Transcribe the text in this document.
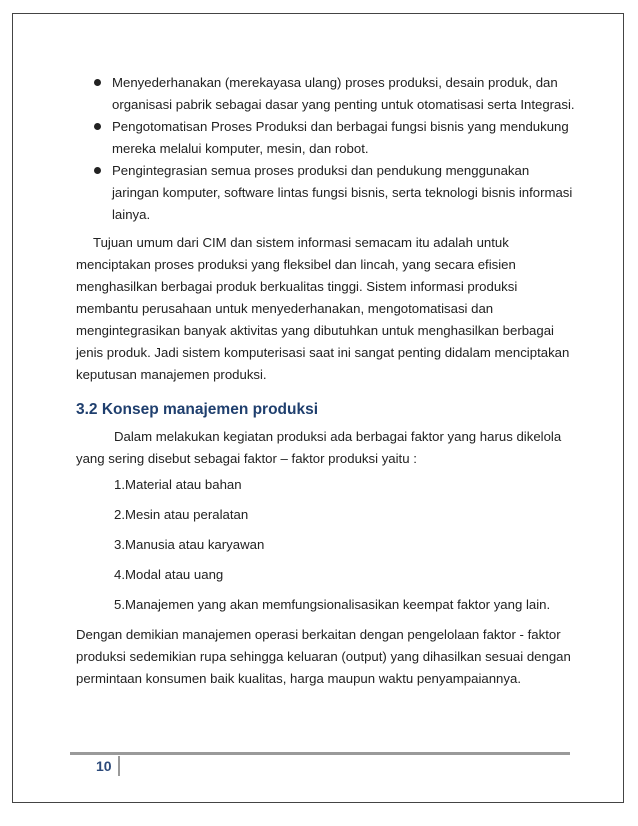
Menyederhanakan (merekayasa ulang) proses produksi, desain produk, dan organisasi pabrik sebagai dasar yang penting untuk otomatisasi serta Integrasi.
Pengotomatisan Proses Produksi dan berbagai fungsi bisnis yang mendukung mereka melalui komputer, mesin, dan robot.
Pengintegrasian semua proses produksi dan pendukung menggunakan jaringan komputer, software lintas fungsi bisnis, serta teknologi bisnis informasi lainya.

Tujuan umum dari CIM dan sistem informasi semacam itu adalah untuk menciptakan proses produksi yang fleksibel dan lincah, yang secara efisien menghasilkan berbagai produk berkualitas tinggi. Sistem informasi produksi membantu perusahaan untuk menyederhanakan, mengotomatisasi dan mengintegrasikan banyak aktivitas yang dibutuhkan untuk menghasilkan berbagai jenis produk. Jadi sistem komputerisasi saat ini sangat penting didalam menciptakan keputusan manajemen produksi.

3.2 Konsep manajemen produksi

Dalam melakukan kegiatan produksi ada berbagai faktor yang harus dikelola yang sering disebut sebagai faktor – faktor produksi yaitu :

1.Material atau bahan
2.Mesin atau peralatan
3.Manusia atau karyawan
4.Modal atau uang
5.Manajemen yang akan memfungsionalisasikan keempat faktor yang lain.

Dengan demikian manajemen operasi berkaitan dengan pengelolaan faktor - faktor produksi sedemikian rupa sehingga keluaran (output) yang dihasilkan sesuai dengan permintaan konsumen baik kualitas, harga maupun waktu penyampaiannya.

10
